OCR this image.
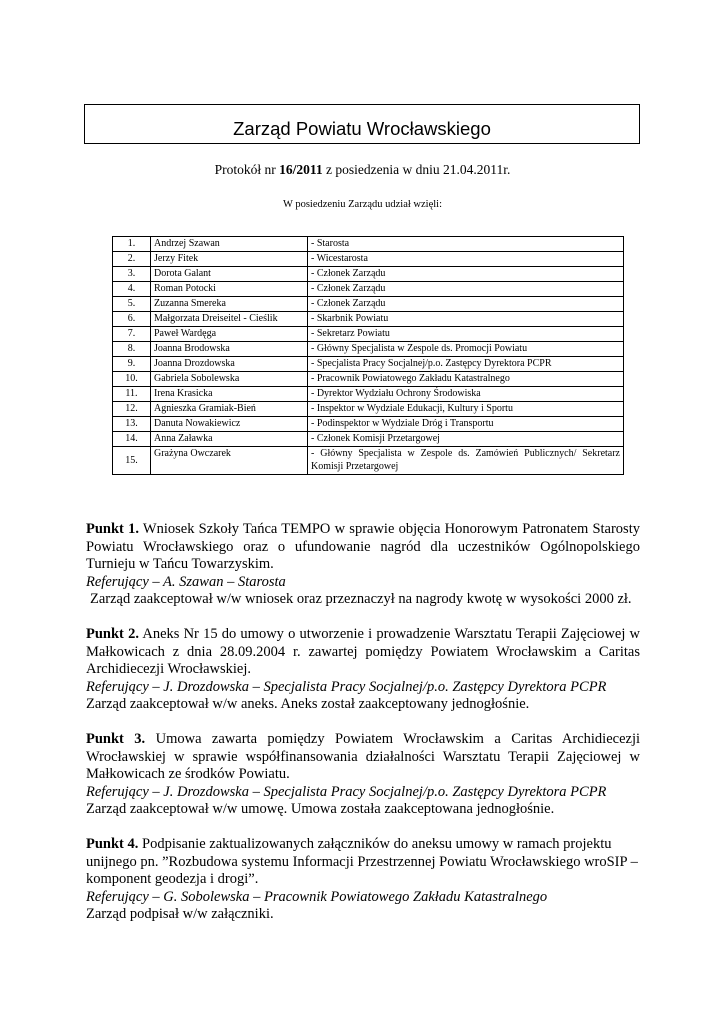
Zarząd Powiatu Wrocławskiego
Protokół nr 16/2011 z posiedzenia w dniu 21.04.2011r.
W posiedzeniu Zarządu udział wzięli:
1.	Andrzej Szawan	- Starosta
2.	Jerzy Fitek	- Wicestarosta
3.	Dorota Galant	- Członek Zarządu
4.	Roman Potocki	- Członek Zarządu
5.	Zuzanna Smereka	- Członek Zarządu
6.	Małgorzata Dreiseitel - Cieślik	- Skarbnik Powiatu
7.	Paweł Wardęga	- Sekretarz Powiatu
8.	Joanna Brodowska	- Główny Specjalista w Zespole ds. Promocji Powiatu
9.	Joanna Drozdowska	- Specjalista Pracy Socjalnej/p.o. Zastępcy Dyrektora PCPR
10.	Gabriela Sobolewska	- Pracownik Powiatowego Zakładu Katastralnego
11.	Irena Krasicka	- Dyrektor Wydziału Ochrony Środowiska
12.	Agnieszka Gramiak-Bień	- Inspektor w Wydziale Edukacji, Kultury i Sportu
13.	Danuta Nowakiewicz	- Podinspektor w Wydziale Dróg i Transportu
14.	Anna Załawka	- Członek Komisji Przetargowej
15.	Grażyna Owczarek	- Główny Specjalista w Zespole ds. Zamówień Publicznych/ Sekretarz Komisji Przetargowej
Punkt 1. Wniosek Szkoły Tańca TEMPO w sprawie objęcia Honorowym Patronatem Starosty Powiatu Wrocławskiego oraz o ufundowanie nagród dla uczestników Ogólnopolskiego Turnieju w Tańcu Towarzyskim.
Referujący – A. Szawan – Starosta
Zarząd zaakceptował w/w wniosek oraz przeznaczył na nagrody kwotę w wysokości 2000 zł.
Punkt 2. Aneks Nr 15 do umowy o utworzenie i prowadzenie Warsztatu Terapii Zajęciowej w Małkowicach z dnia 28.09.2004 r. zawartej pomiędzy Powiatem Wrocławskim a Caritas Archidiecezji Wrocławskiej.
Referujący – J. Drozdowska – Specjalista Pracy Socjalnej/p.o. Zastępcy Dyrektora PCPR
Zarząd zaakceptował w/w aneks. Aneks został zaakceptowany jednogłośnie.
Punkt 3. Umowa zawarta pomiędzy Powiatem Wrocławskim a Caritas Archidiecezji Wrocławskiej w sprawie współfinansowania działalności Warsztatu Terapii Zajęciowej w Małkowicach ze środków Powiatu.
Referujący – J. Drozdowska – Specjalista Pracy Socjalnej/p.o. Zastępcy Dyrektora PCPR
Zarząd zaakceptował w/w umowę. Umowa została zaakceptowana jednogłośnie.
Punkt 4. Podpisanie zaktualizowanych załączników do aneksu umowy w ramach projektu unijnego pn. ”Rozbudowa systemu Informacji Przestrzennej Powiatu Wrocławskiego wroSIP – komponent geodezja i drogi”.
Referujący – G. Sobolewska – Pracownik Powiatowego Zakładu Katastralnego
Zarząd podpisał w/w załączniki.
